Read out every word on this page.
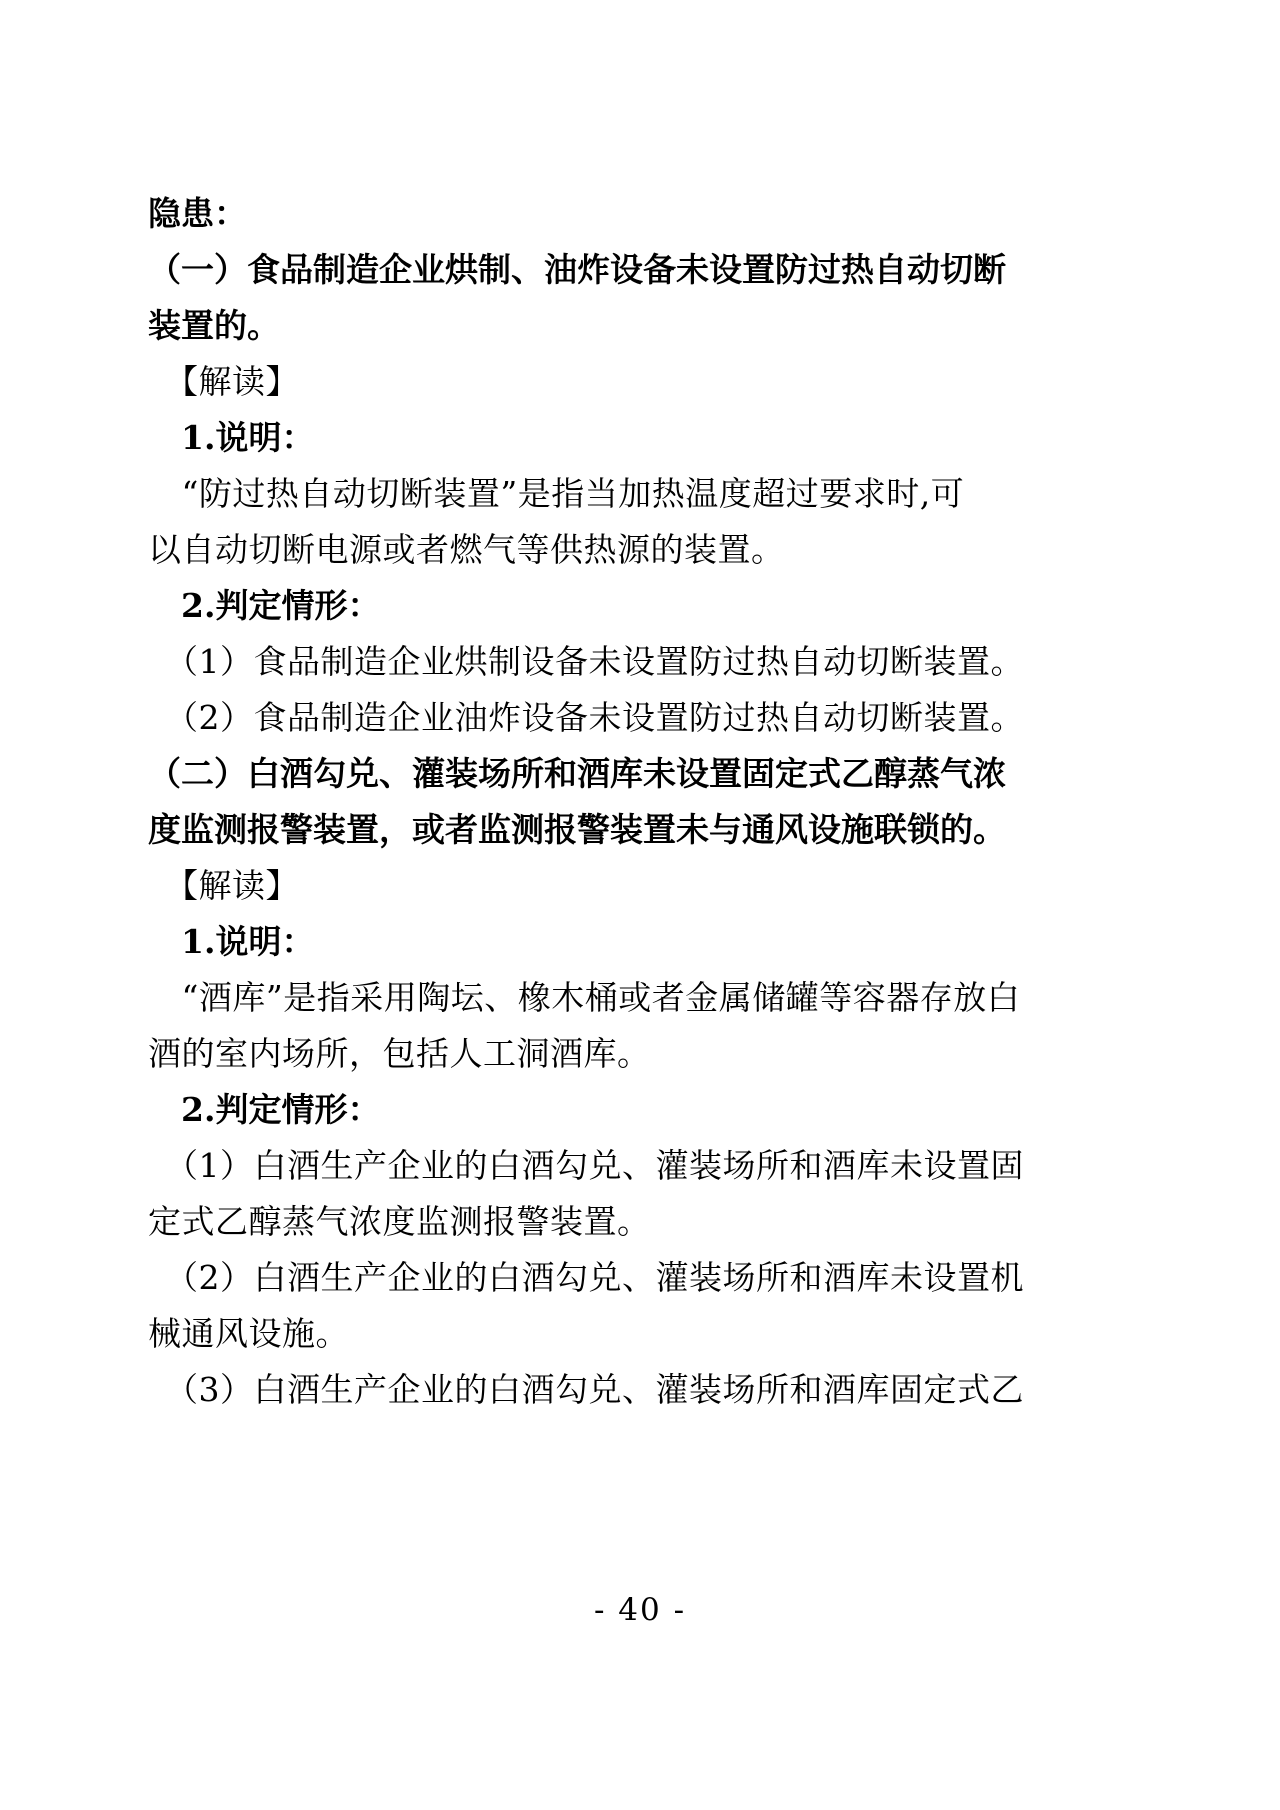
隐患：
（一）食品制造企业烘制、油炸设备未设置防过热自动切断
装置的。
　【解读】
　1.说明：
　“防过热自动切断装置”是指当加热温度超过要求时,可
以自动切断电源或者燃气等供热源的装置。
　2.判定情形：
　（1）食品制造企业烘制设备未设置防过热自动切断装置。
　（2）食品制造企业油炸设备未设置防过热自动切断装置。
（二）白酒勾兑、灌装场所和酒库未设置固定式乙醇蒸气浓
度监测报警装置，或者监测报警装置未与通风设施联锁的。
　【解读】
　1.说明：
　“酒库”是指采用陶坛、橡木桶或者金属储罐等容器存放白
酒的室内场所，包括人工洞酒库。
　2.判定情形：
　（1）白酒生产企业的白酒勾兑、灌装场所和酒库未设置固
定式乙醇蒸气浓度监测报警装置。
　（2）白酒生产企业的白酒勾兑、灌装场所和酒库未设置机
械通风设施。
　（3）白酒生产企业的白酒勾兑、灌装场所和酒库固定式乙
- 40 -
